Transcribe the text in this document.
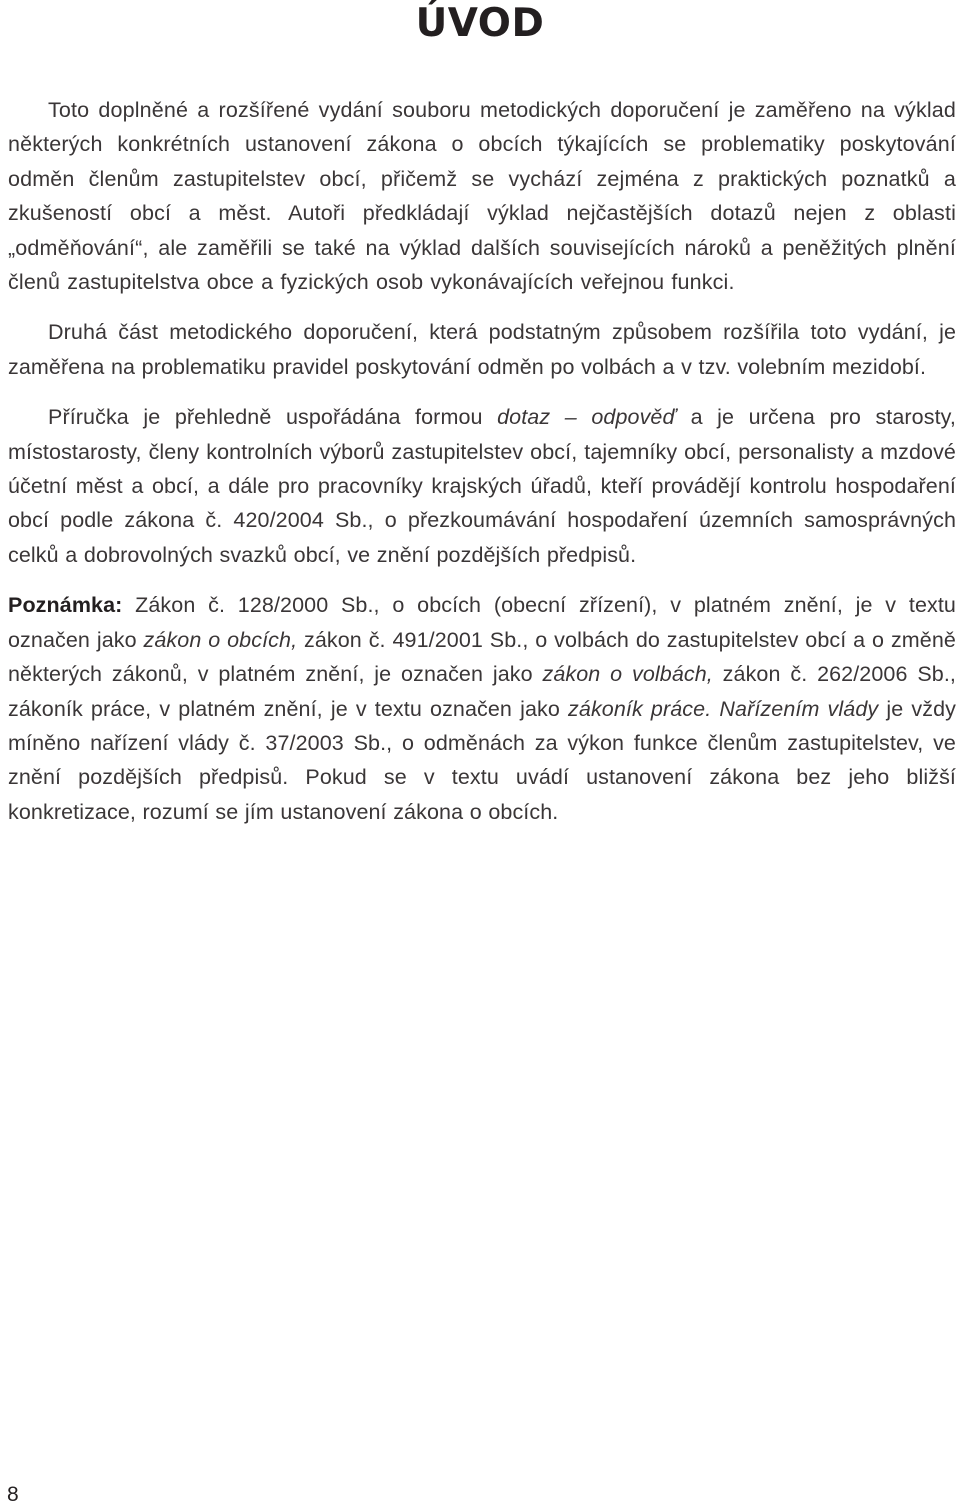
ÚVOD

Toto doplněné a rozšířené vydání souboru metodických doporučení je zaměřeno na výklad některých konkrétních ustanovení zákona o obcích týkajících se problematiky poskytování odměn členům zastupitelstev obcí, přičemž se vychází zejména z praktických poznatků a zkušeností obcí a měst. Autoři předkládají výklad nejčastějších dotazů nejen z oblasti „odměňování“, ale zaměřili se také na výklad dalších souvisejících nároků a peněžitých plnění členů zastupitelstva obce a fyzických osob vykonávajících veřejnou funkci.

Druhá část metodického doporučení, která podstatným způsobem rozšířila toto vydání, je zaměřena na problematiku pravidel poskytování odměn po volbách a v tzv. volebním mezidobí.

Příručka je přehledně uspořádána formou dotaz – odpověď a je určena pro starosty, místostarosty, členy kontrolních výborů zastupitelstev obcí, tajemníky obcí, personalisty a mzdové účetní měst a obcí, a dále pro pracovníky krajských úřadů, kteří provádějí kontrolu hospodaření obcí podle zákona č. 420/2004 Sb., o přezkoumávání hospodaření územních samosprávných celků a dobrovolných svazků obcí, ve znění pozdějších předpisů.

Poznámka: Zákon č. 128/2000 Sb., o obcích (obecní zřízení), v platném znění, je v textu označen jako zákon o obcích, zákon č. 491/2001 Sb., o volbách do zastupitelstev obcí a o změně některých zákonů, v platném znění, je označen jako zákon o volbách, zákon č. 262/2006 Sb., zákoník práce, v platném znění, je v textu označen jako zákoník práce. Nařízením vlády je vždy míněno nařízení vlády č. 37/2003 Sb., o odměnách za výkon funkce členům zastupitelstev, ve znění pozdějších předpisů. Pokud se v textu uvádí ustanovení zákona bez jeho bližší konkretizace, rozumí se jím ustanovení zákona o obcích.

8
